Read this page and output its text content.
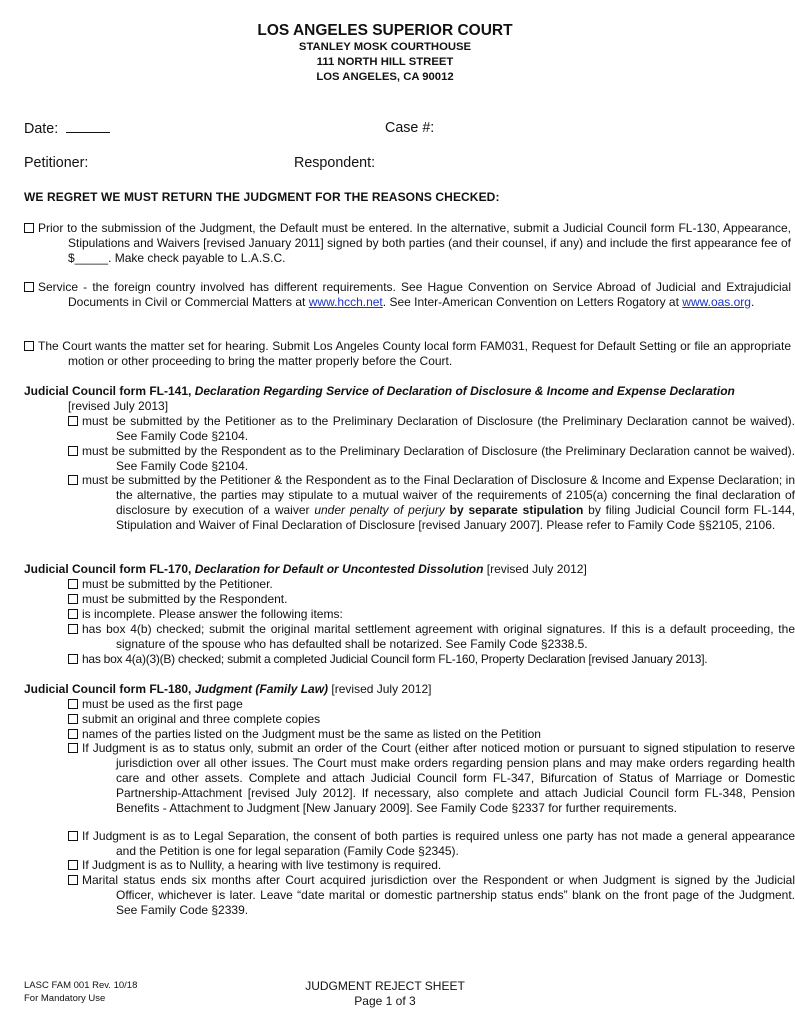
LOS ANGELES SUPERIOR COURT
STANLEY MOSK COURTHOUSE
111 NORTH HILL STREET
LOS ANGELES, CA 90012
Date:	Case #:
Petitioner:	Respondent:
WE REGRET WE MUST RETURN THE JUDGMENT FOR THE REASONS CHECKED:
Prior to the submission of the Judgment, the Default must be entered. In the alternative, submit a Judicial Council form FL-130, Appearance, Stipulations and Waivers [revised January 2011] signed by both parties (and their counsel, if any) and include the first appearance fee of $_____. Make check payable to L.A.S.C.
Service - the foreign country involved has different requirements. See Hague Convention on Service Abroad of Judicial and Extrajudicial Documents in Civil or Commercial Matters at www.hcch.net. See Inter-American Convention on Letters Rogatory at www.oas.org.
The Court wants the matter set for hearing. Submit Los Angeles County local form FAM031, Request for Default Setting or file an appropriate motion or other proceeding to bring the matter properly before the Court.
Judicial Council form FL-141, Declaration Regarding Service of Declaration of Disclosure & Income and Expense Declaration
[revised July 2013]
must be submitted by the Petitioner as to the Preliminary Declaration of Disclosure (the Preliminary Declaration cannot be waived). See Family Code §2104.
must be submitted by the Respondent as to the Preliminary Declaration of Disclosure (the Preliminary Declaration cannot be waived). See Family Code §2104.
must be submitted by the Petitioner & the Respondent as to the Final Declaration of Disclosure & Income and Expense Declaration; in the alternative, the parties may stipulate to a mutual waiver of the requirements of 2105(a) concerning the final declaration of disclosure by execution of a waiver under penalty of perjury by separate stipulation by filing Judicial Council form FL-144, Stipulation and Waiver of Final Declaration of Disclosure [revised January 2007]. Please refer to Family Code §§2105, 2106.
Judicial Council form FL-170, Declaration for Default or Uncontested Dissolution [revised July 2012]
must be submitted by the Petitioner.
must be submitted by the Respondent.
is incomplete. Please answer the following items:
has box 4(b) checked; submit the original marital settlement agreement with original signatures. If this is a default proceeding, the signature of the spouse who has defaulted shall be notarized. See Family Code §2338.5.
has box 4(a)(3)(B) checked; submit a completed Judicial Council form FL-160, Property Declaration [revised January 2013].
Judicial Council form FL-180, Judgment (Family Law) [revised July 2012]
must be used as the first page
submit an original and three complete copies
names of the parties listed on the Judgment must be the same as listed on the Petition
If Judgment is as to status only, submit an order of the Court (either after noticed motion or pursuant to signed stipulation to reserve jurisdiction over all other issues. The Court must make orders regarding pension plans and may make orders regarding health care and other assets. Complete and attach Judicial Council form FL-347, Bifurcation of Status of Marriage or Domestic Partnership-Attachment [revised July 2012]. If necessary, also complete and attach Judicial Council form FL-348, Pension Benefits - Attachment to Judgment [New January 2009]. See Family Code §2337 for further requirements.
If Judgment is as to Legal Separation, the consent of both parties is required unless one party has not made a general appearance and the Petition is one for legal separation (Family Code §2345).
If Judgment is as to Nullity, a hearing with live testimony is required.
Marital status ends six months after Court acquired jurisdiction over the Respondent or when Judgment is signed by the Judicial Officer, whichever is later. Leave “date marital or domestic partnership status ends” blank on the front page of the Judgment. See Family Code §2339.
LASC FAM 001 Rev. 10/18
For Mandatory Use
JUDGMENT REJECT SHEET
Page 1 of 3
